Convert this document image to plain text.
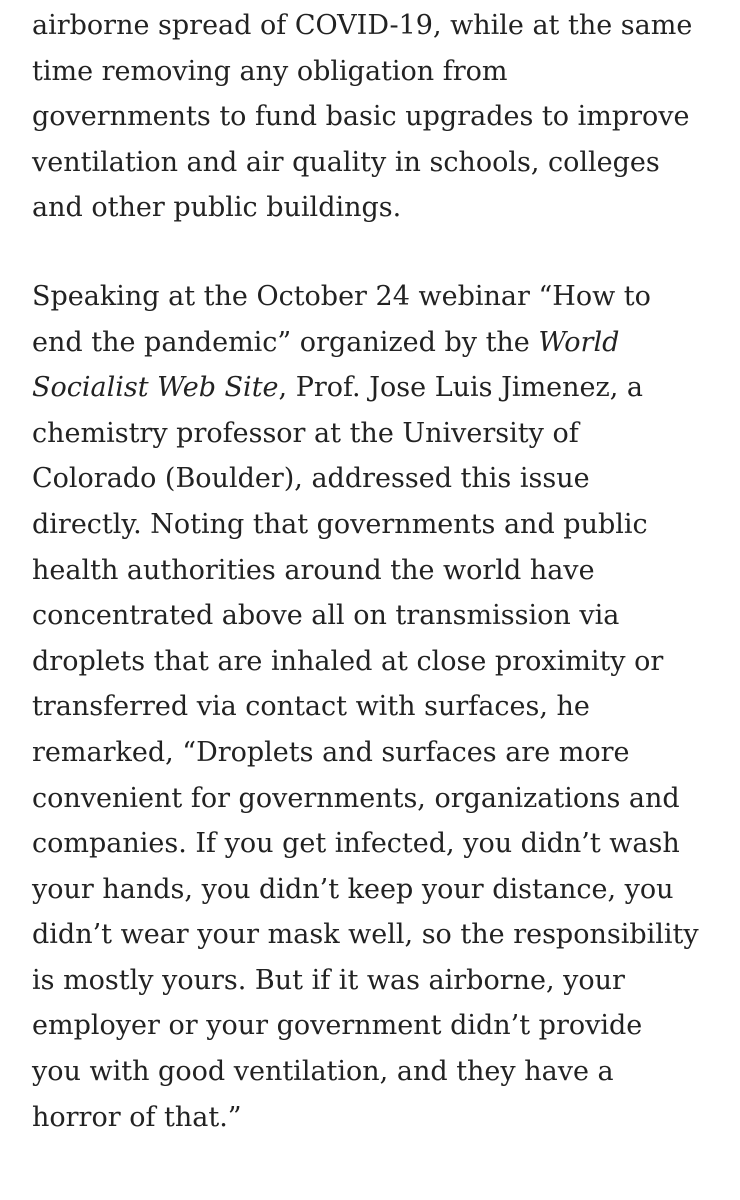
airborne spread of COVID-19, while at the same
time removing any obligation from
governments to fund basic upgrades to improve
ventilation and air quality in schools, colleges
and other public buildings.

Speaking at the October 24 webinar “How to
end the pandemic” organized by the World
Socialist Web Site, Prof. Jose Luis Jimenez, a
chemistry professor at the University of
Colorado (Boulder), addressed this issue
directly. Noting that governments and public
health authorities around the world have
concentrated above all on transmission via
droplets that are inhaled at close proximity or
transferred via contact with surfaces, he
remarked, “Droplets and surfaces are more
convenient for governments, organizations and
companies. If you get infected, you didn’t wash
your hands, you didn’t keep your distance, you
didn’t wear your mask well, so the responsibility
is mostly yours. But if it was airborne, your
employer or your government didn’t provide
you with good ventilation, and they have a
horror of that.”
